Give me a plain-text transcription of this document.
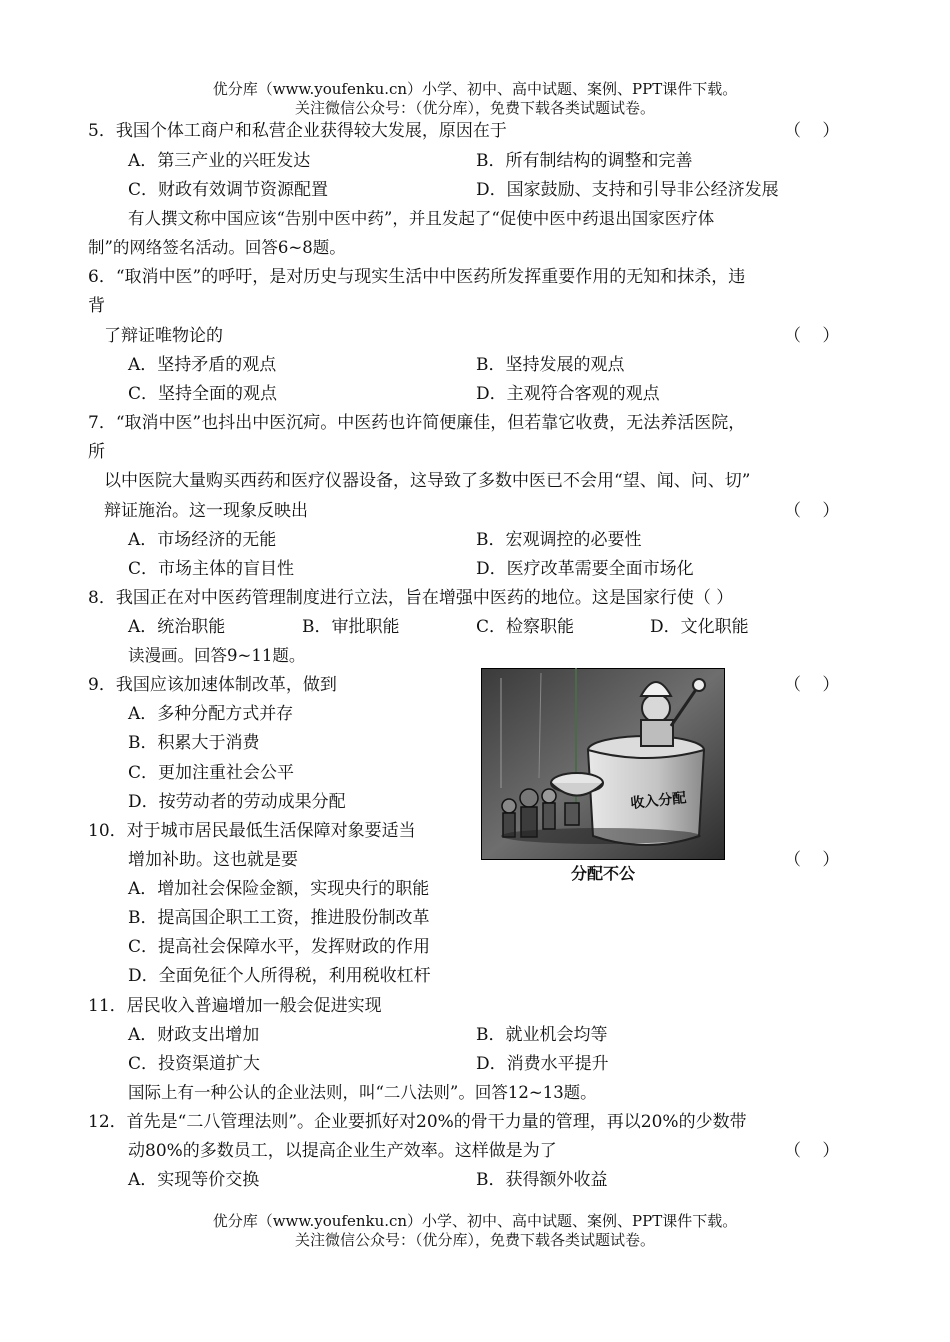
优分库（www.youfenku.cn）小学、初中、高中试题、案例、PPT课件下载。
关注微信公众号：（优分库），免费下载各类试题试卷。
5．我国个体工商户和私营企业获得较大发展，原因在于	（ ）
A．第三产业的兴旺发达	B．所有制结构的调整和完善
C．财政有效调节资源配置	D．国家鼓励、支持和引导非公经济发展
有人撰文称中国应该“告别中医中药”，并且发起了“促使中医中药退出国家医疗体
制”的网络签名活动。回答6~8题。
6．“取消中医”的呼吁，是对历史与现实生活中中医药所发挥重要作用的无知和抹杀，违
背
了辩证唯物论的	（ ）
A．坚持矛盾的观点	B．坚持发展的观点
C．坚持全面的观点	D．主观符合客观的观点
7．“取消中医”也抖出中医沉疴。中医药也许简便廉佳，但若靠它收费，无法养活医院，
所
以中医院大量购买西药和医疗仪器设备，这导致了多数中医已不会用“望、闻、问、切”
辩证施治。这一现象反映出	（ ）
A．市场经济的无能	B．宏观调控的必要性
C．市场主体的盲目性	D．医疗改革需要全面市场化
8．我国正在对中医药管理制度进行立法，旨在增强中医药的地位。这是国家行使（ ）
A．统治职能	B．审批职能	C．检察职能	D．文化职能
读漫画。回答9~11题。
收入分配
分配不公
9．我国应该加速体制改革，做到	（ ）
A．多种分配方式并存
B．积累大于消费
C．更加注重社会公平
D．按劳动者的劳动成果分配
10．对于城市居民最低生活保障对象要适当
增加补助。这也就是要	（ ）
A．增加社会保险金额，实现央行的职能
B．提高国企职工工资，推进股份制改革
C．提高社会保障水平，发挥财政的作用
D．全面免征个人所得税，利用税收杠杆
11．居民收入普遍增加一般会促进实现
A．财政支出增加	B．就业机会均等
C．投资渠道扩大	D．消费水平提升
国际上有一种公认的企业法则，叫“二八法则”。回答12~13题。
12．首先是“二八管理法则”。企业要抓好对20%的骨干力量的管理，再以20%的少数带
动80%的多数员工，以提高企业生产效率。这样做是为了	（ ）
A．实现等价交换	B．获得额外收益
优分库（www.youfenku.cn）小学、初中、高中试题、案例、PPT课件下载。
关注微信公众号：（优分库），免费下载各类试题试卷。
